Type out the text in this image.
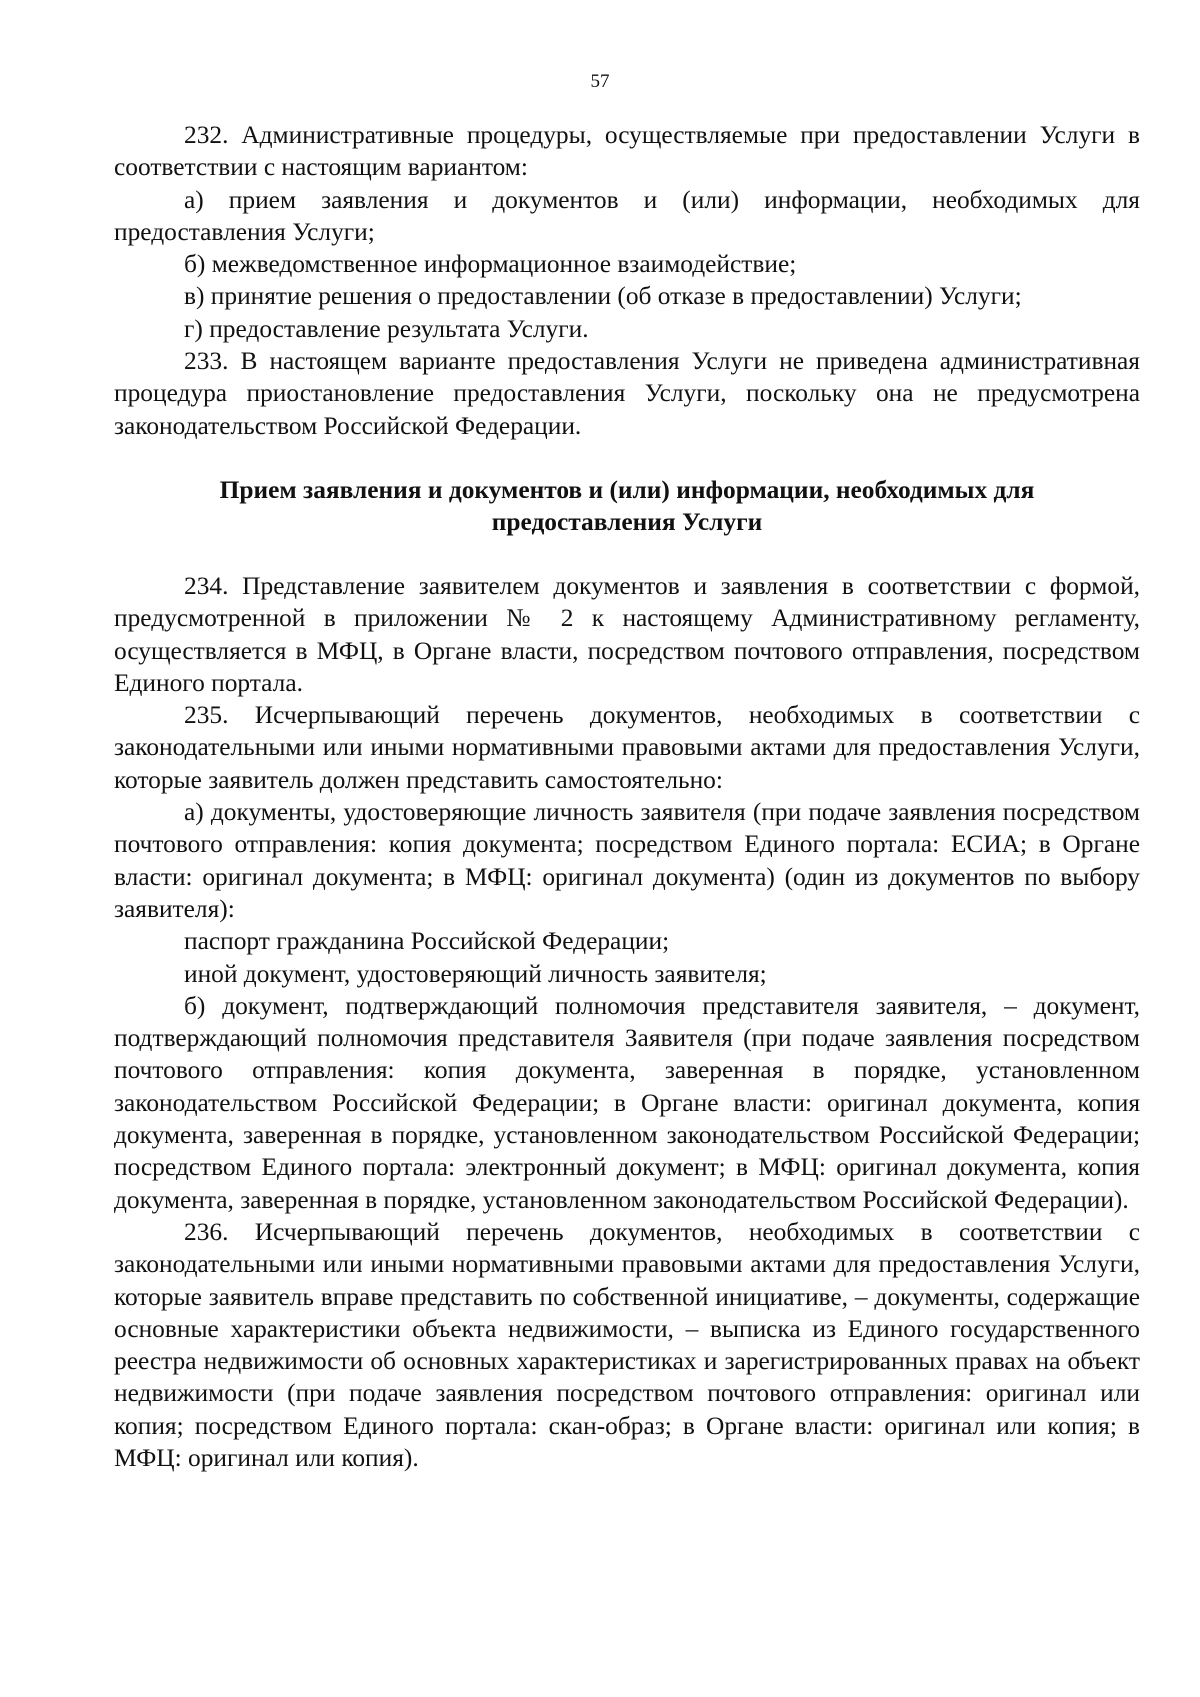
57

232. Административные процедуры, осуществляемые при предоставлении Услуги в соответствии с настоящим вариантом:

а) прием заявления и документов и (или) информации, необходимых для предоставления Услуги;

б) межведомственное информационное взаимодействие;

в) принятие решения о предоставлении (об отказе в предоставлении) Услуги;

г) предоставление результата Услуги.

233. В настоящем варианте предоставления Услуги не приведена административная процедура приостановление предоставления Услуги, поскольку она не предусмотрена законодательством Российской Федерации.

Прием заявления и документов и (или) информации, необходимых для
предоставления Услуги

234. Представление заявителем документов и заявления в соответствии с формой, предусмотренной в приложении № 2 к настоящему Административному регламенту, осуществляется в МФЦ, в Органе власти, посредством почтового отправления, посредством Единого портала.

235. Исчерпывающий перечень документов, необходимых в соответствии с законодательными или иными нормативными правовыми актами для предоставления Услуги, которые заявитель должен представить самостоятельно:

а) документы, удостоверяющие личность заявителя (при подаче заявления посредством почтового отправления: копия документа; посредством Единого портала: ЕСИА; в Органе власти: оригинал документа; в МФЦ: оригинал документа) (один из документов по выбору заявителя):

паспорт гражданина Российской Федерации;

иной документ, удостоверяющий личность заявителя;

б) документ, подтверждающий полномочия представителя заявителя, – документ, подтверждающий полномочия представителя Заявителя (при подаче заявления посредством почтового отправления: копия документа, заверенная в порядке, установленном законодательством Российской Федерации; в Органе власти: оригинал документа, копия документа, заверенная в порядке, установленном законодательством Российской Федерации; посредством Единого портала: электронный документ; в МФЦ: оригинал документа, копия документа, заверенная в порядке, установленном законодательством Российской Федерации).

236. Исчерпывающий перечень документов, необходимых в соответствии с законодательными или иными нормативными правовыми актами для предоставления Услуги, которые заявитель вправе представить по собственной инициативе, – документы, содержащие основные характеристики объекта недвижимости, – выписка из Единого государственного реестра недвижимости об основных характеристиках и зарегистрированных правах на объект недвижимости (при подаче заявления посредством почтового отправления: оригинал или копия; посредством Единого портала: скан-образ; в Органе власти: оригинал или копия; в МФЦ: оригинал или копия).
